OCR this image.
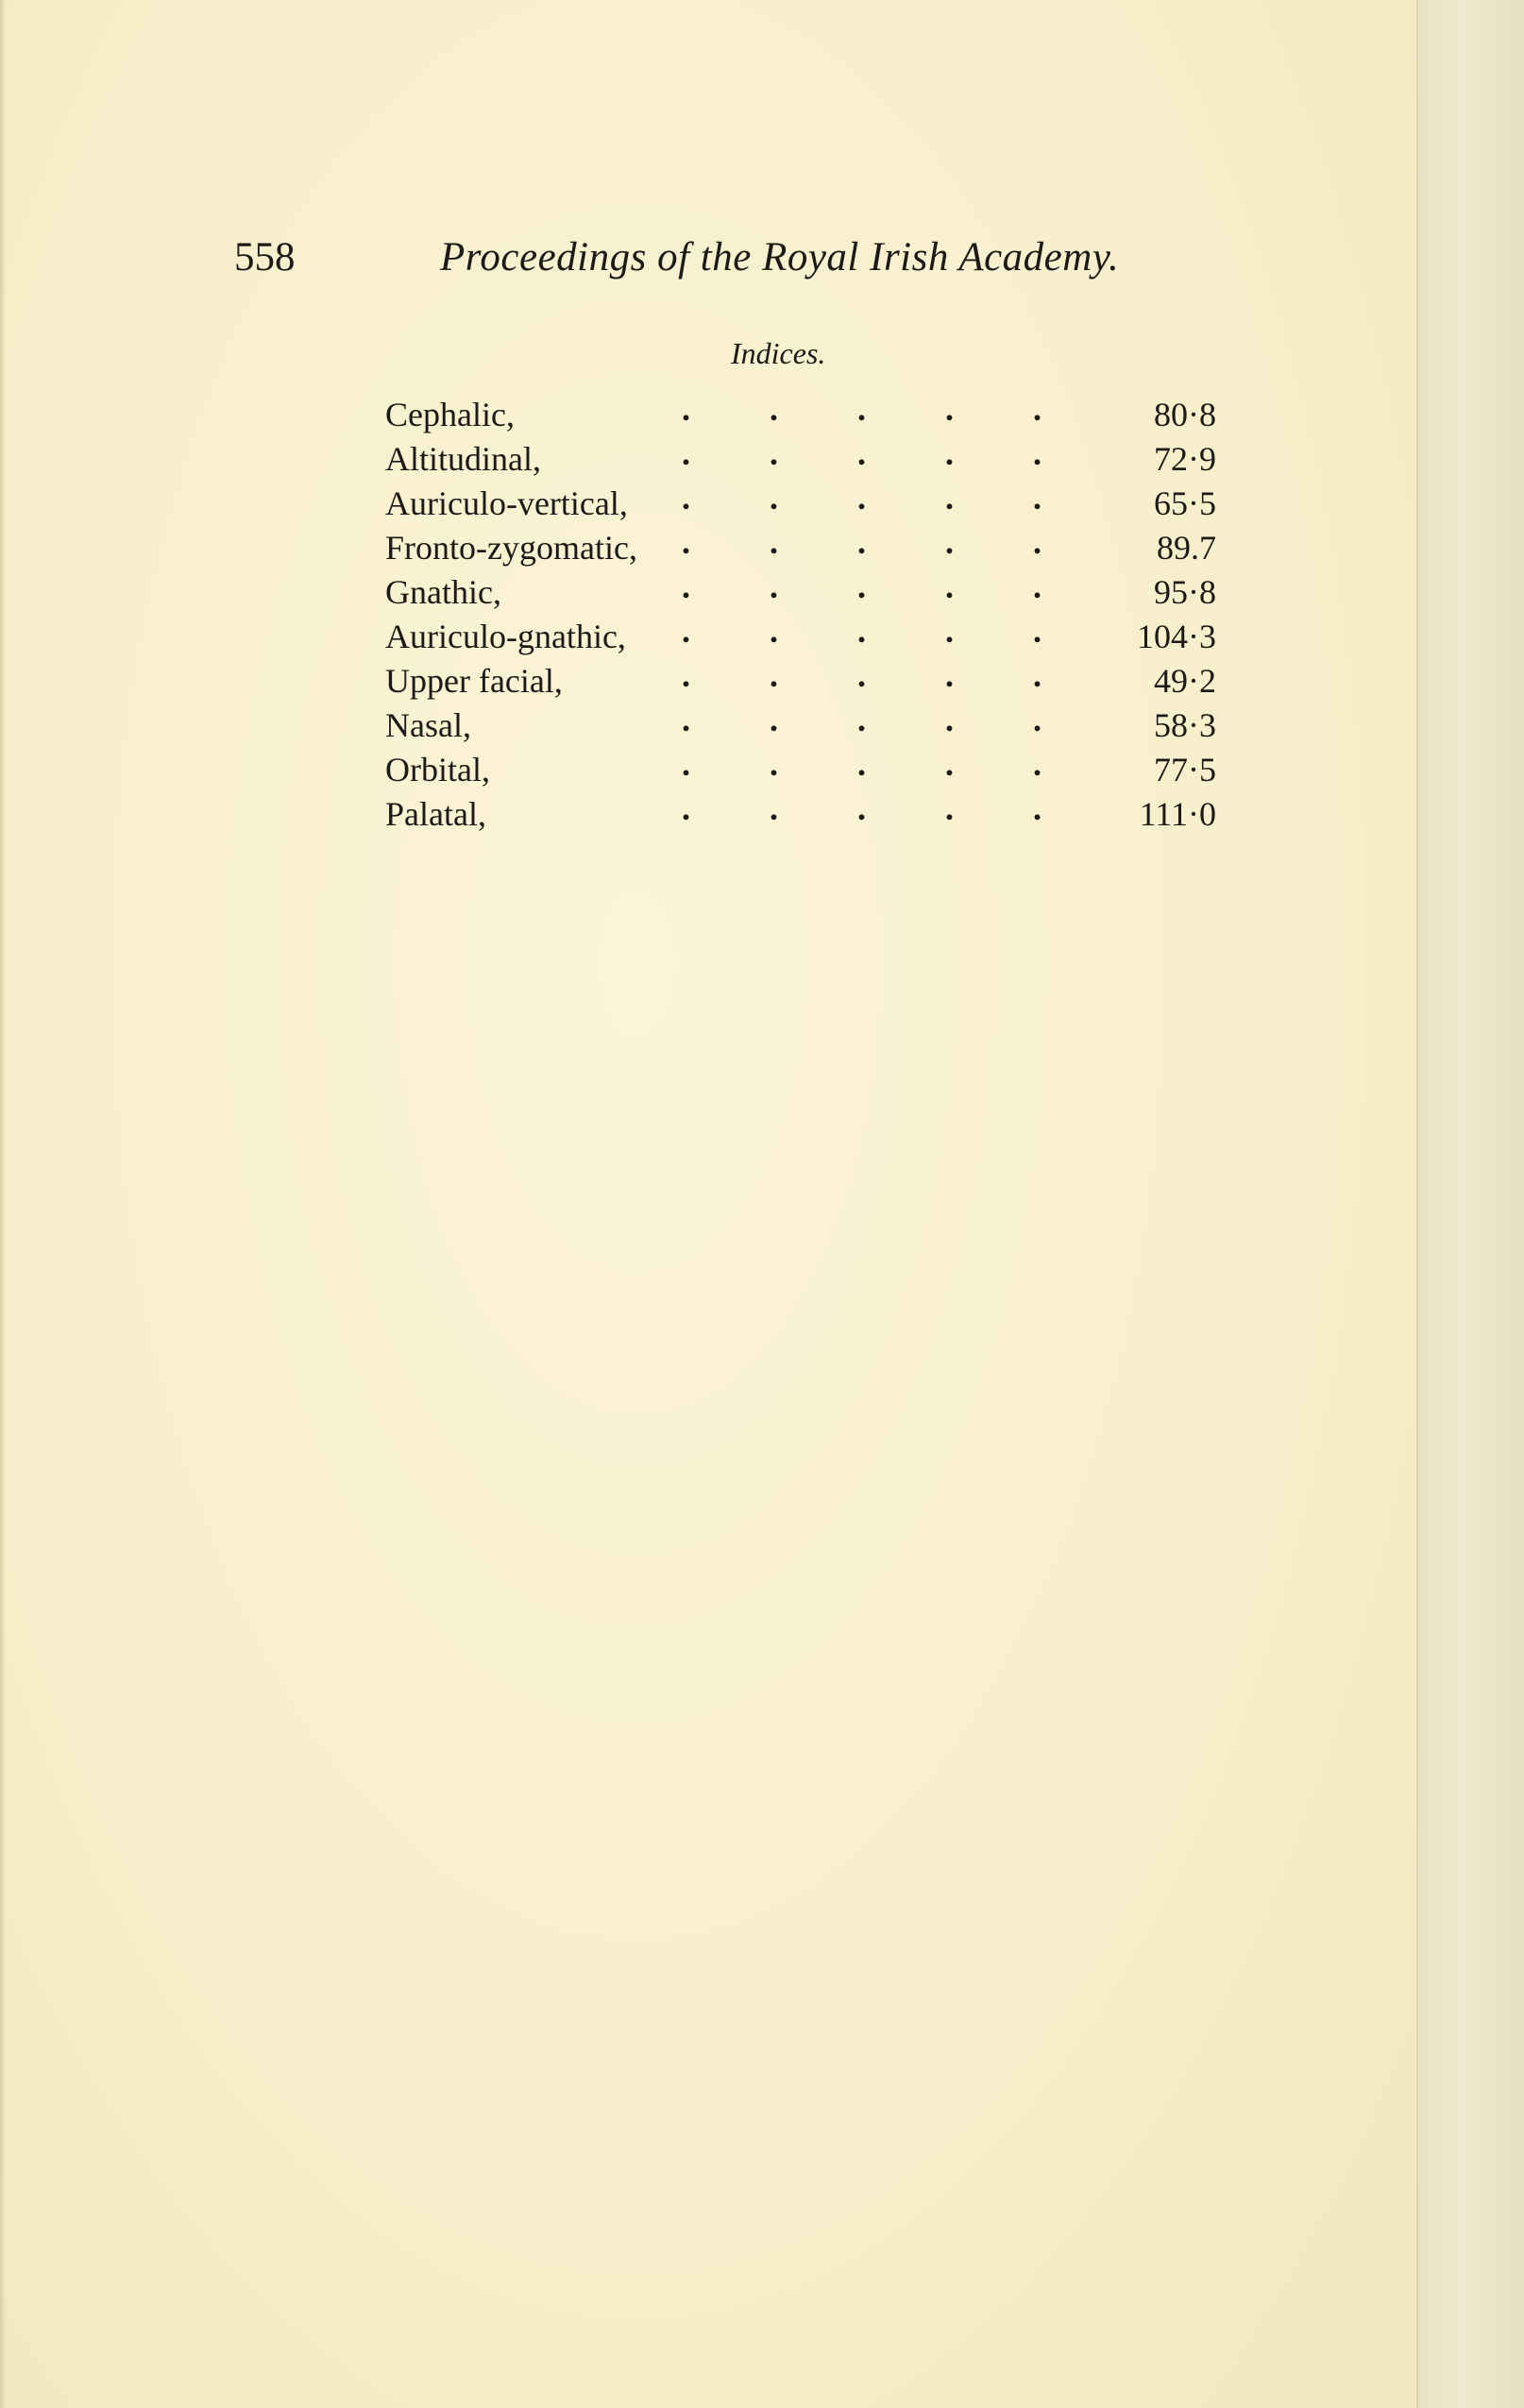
558	Proceedings of the Royal Irish Academy.
Indices.
Cephalic,	. . . . .	80·8
Altitudinal,	. . . . .	72·9
Auriculo-vertical,	. . . . .	65·5
Fronto-zygomatic,	. . . . .	89.7
Gnathic,	. . . . .	95·8
Auriculo-gnathic,	. . . . .	104·3
Upper facial,	. . . . .	49·2
Nasal,	. . . . .	58·3
Orbital,	. . . . .	77·5
Palatal,	. . . . .	111·0
